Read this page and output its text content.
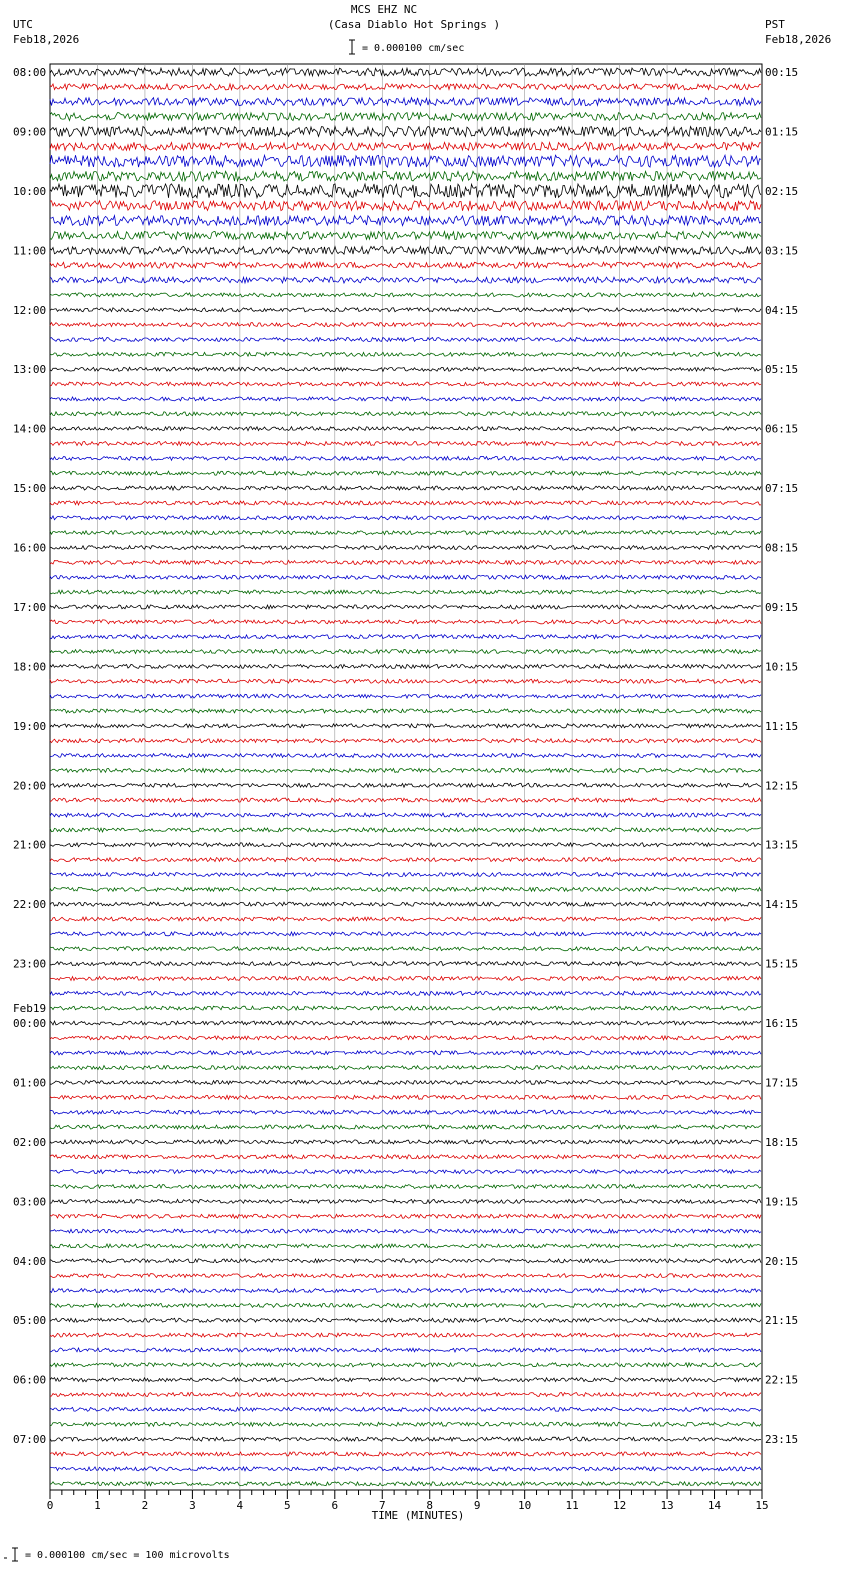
MCS EHZ NC
(Casa Diablo Hot Springs )
= 0.000100 cm/sec
UTC
Feb18,2026
PST
Feb18,2026
08:00
09:00
10:00
11:00
12:00
13:00
14:00
15:00
16:00
17:00
18:00
19:00
20:00
21:00
22:00
23:00
00:00
01:00
02:00
03:00
04:00
05:00
06:00
07:00
Feb19
00:15
01:15
02:15
03:15
04:15
05:15
06:15
07:15
08:15
09:15
10:15
11:15
12:15
13:15
14:15
15:15
16:15
17:15
18:15
19:15
20:15
21:15
22:15
23:15
0	1	2	3	4	5	6	7	8	9	10	11	12	13	14	15
TIME (MINUTES)
= 0.000100 cm/sec = 100 microvolts
